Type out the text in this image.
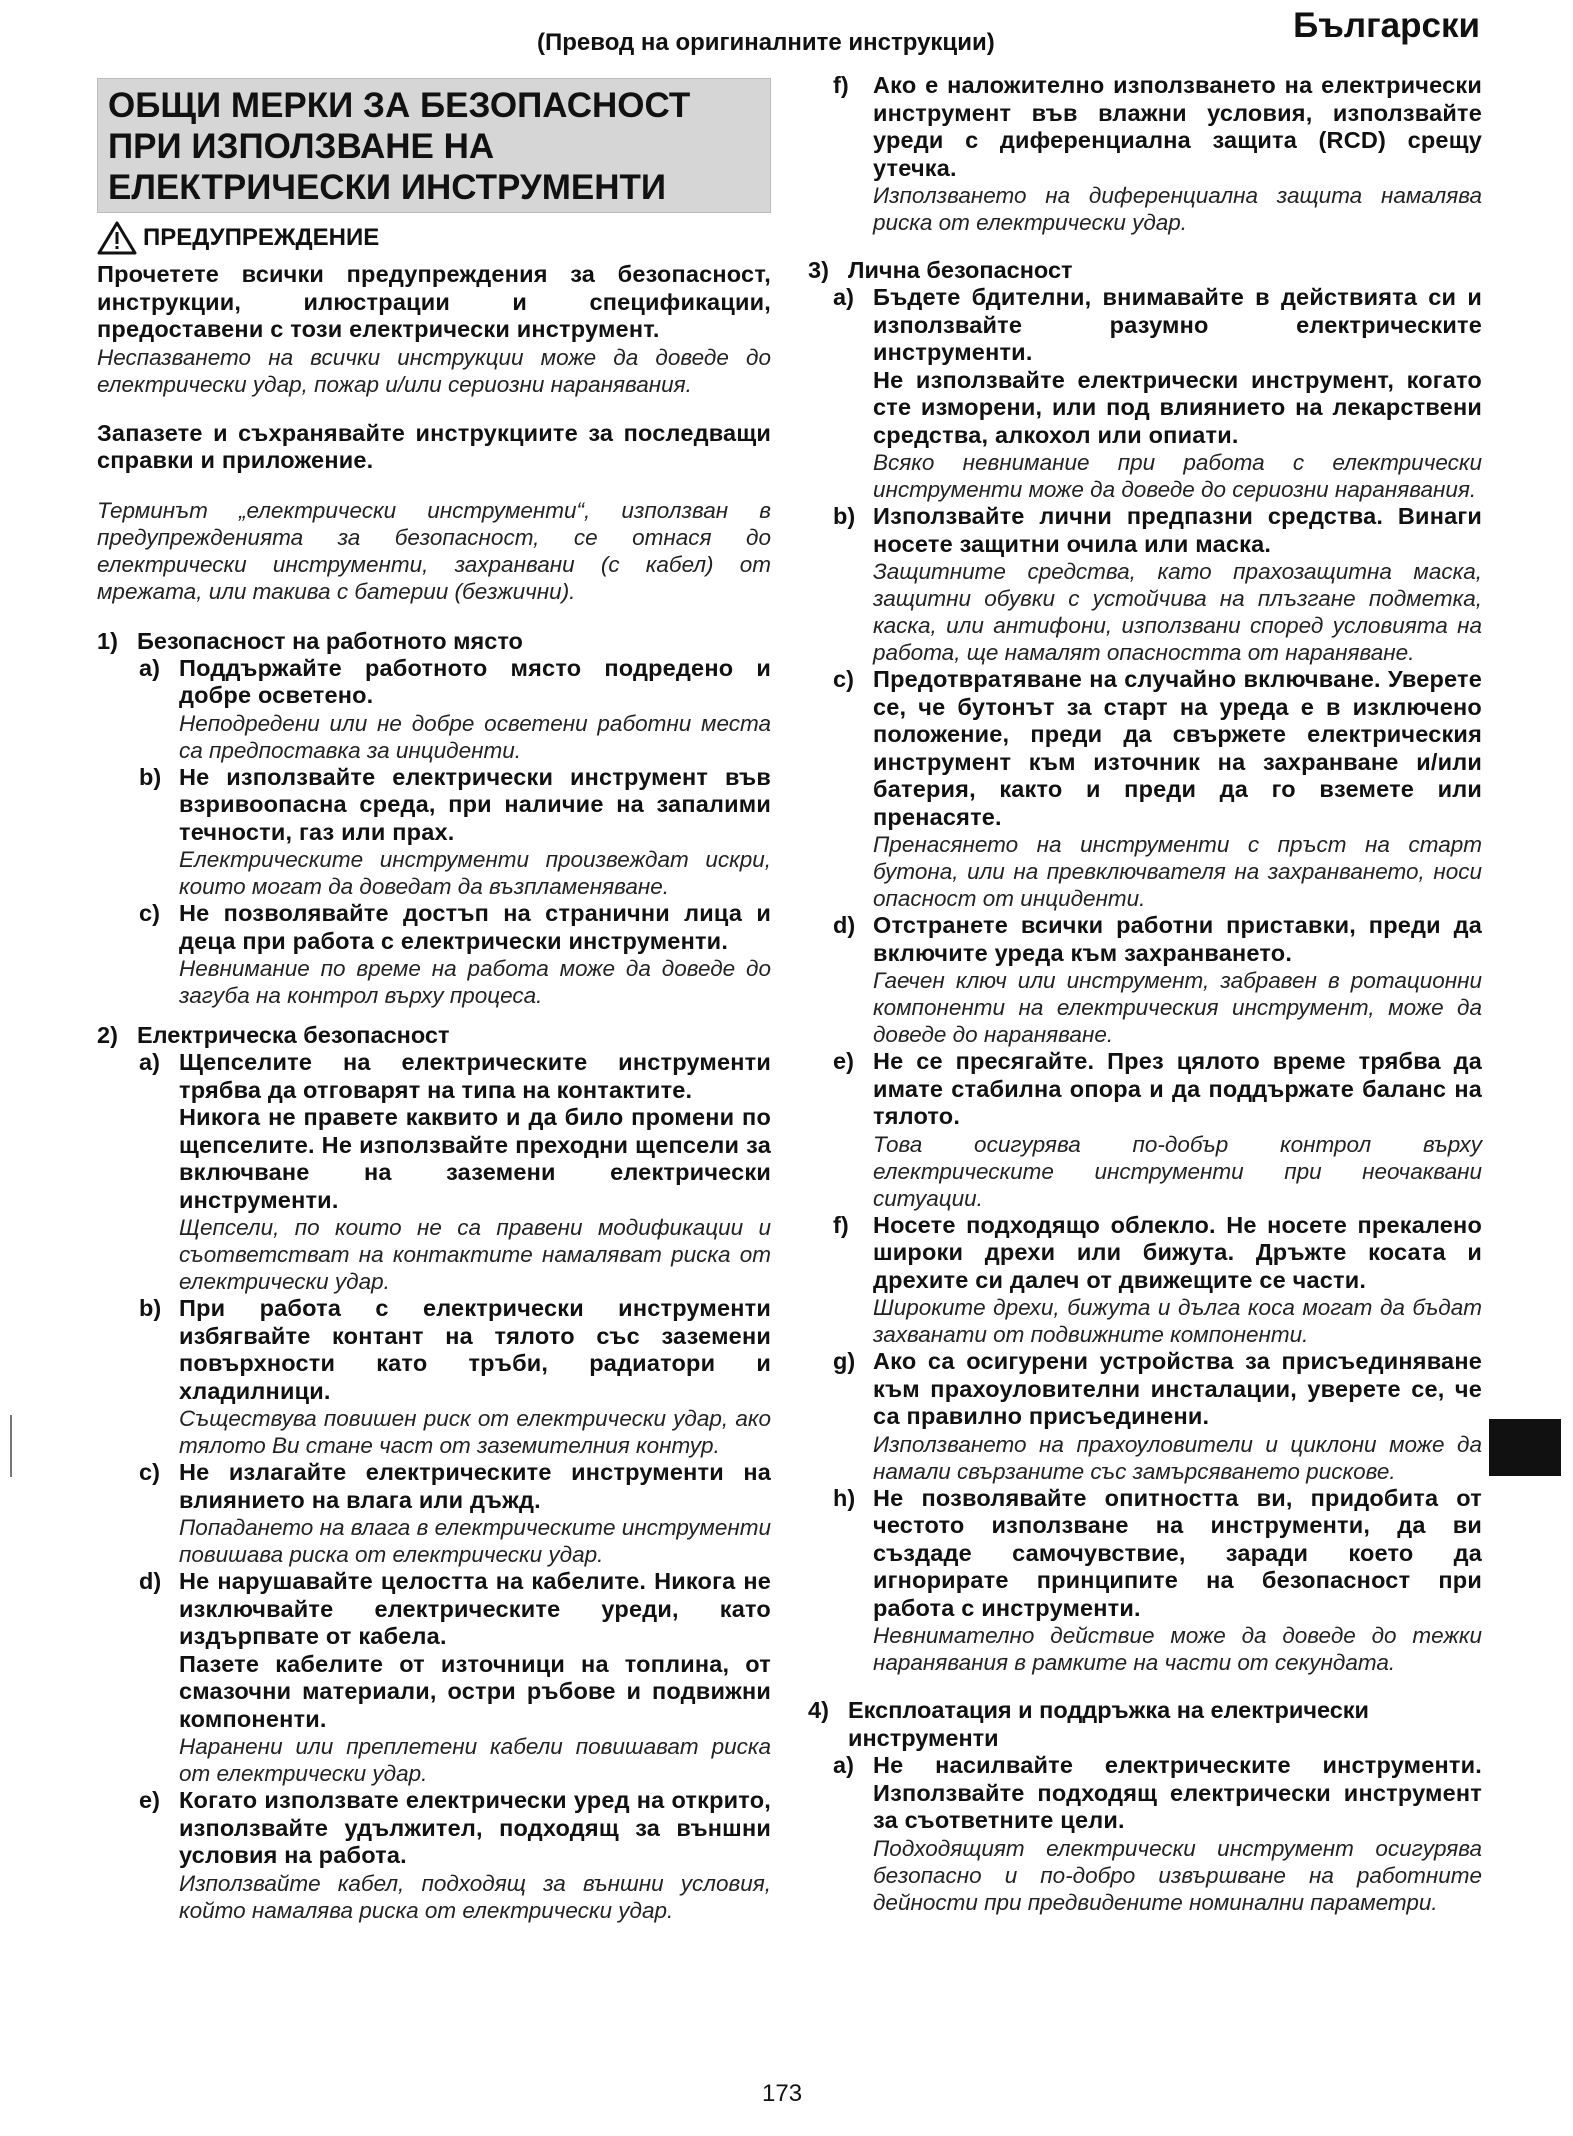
(Превод на оригиналните инструкции)	Български
ОБЩИ МЕРКИ ЗА БЕЗОПАСНОСТ
ПРИ ИЗПОЛЗВАНЕ НА
ЕЛЕКТРИЧЕСКИ ИНСТРУМЕНТИ
ПРЕДУПРЕЖДЕНИЕ
Прочетете всички предупреждения за безопасност, инструкции, илюстрации и спецификации, предоставени с този електрически инструмент.
Неспазването на всички инструкции може да доведе до електрически удар, пожар и/или сериозни наранявания.
Запазете и съхранявайте инструкциите за последващи справки и приложение.
Терминът „електрически инструменти“, използван в предупрежденията за безопасност, се отнася до електрически инструменти, захранвани (с кабел) от мрежата, или такива с батерии (безжични).
1) Безопасност на работното място
a) Поддържайте работното място подредено и добре осветено.
Неподредени или не добре осветени работни места са предпоставка за инциденти.
b) Не използвайте електрически инструмент във взривоопасна среда, при наличие на запалими течности, газ или прах.
Електрическите инструменти произвеждат искри, които могат да доведат да възпламеняване.
c) Не позволявайте достъп на странични лица и деца при работа с електрически инструменти.
Невнимание по време на работа може да доведе до загуба на контрол върху процеса.
2) Електрическа безопасност
a) Щепселите на електрическите инструменти трябва да отговарят на типа на контактите.
Никога не правете каквито и да било промени по щепселите. Не използвайте преходни щепсели за включване на заземени електрически инструменти.
Щепсели, по които не са правени модификации и съответстват на контактите намаляват риска от електрически удар.
b) При работа с електрически инструменти избягвайте контант на тялото със заземени повърхности като тръби, радиатори и хладилници.
Съществува повишен риск от електрически удар, ако тялото Ви стане част от заземителния контур.
c) Не излагайте електрическите инструменти на влиянието на влага или дъжд.
Попадането на влага в електрическите инструменти повишава риска от електрически удар.
d) Не нарушавайте целостта на кабелите. Никога не изключвайте електрическите уреди, като издърпвате от кабела.
Пазете кабелите от източници на топлина, от смазочни материали, остри ръбове и подвижни компоненти.
Наранени или преплетени кабели повишават риска от електрически удар.
e) Когато използвате електрически уред на открито, използвайте удължител, подходящ за външни условия на работа.
Използвайте кабел, подходящ за външни условия, който намалява риска от електрически удар.
f)	Ако е наложително използването на електрически инструмент във влажни условия, използвайте уреди с диференциална защита (RCD) срещу утечка.
Използването на диференциална защита намалява риска от електрически удар.
3) Лична безопасност
a) Бъдете бдителни, внимавайте в действията си и използвайте разумно електрическите инструменти.
Не използвайте електрически инструмент, когато сте изморени, или под влиянието на лекарствени средства, алкохол или опиати.
Всяко невнимание при работа с електрически инструменти може да доведе до сериозни наранявания.
b) Използвайте лични предпазни средства. Винаги носете защитни очила или маска.
Защитните средства, като прахозащитна маска, защитни обувки с устойчива на плъзгане подметка, каска, или антифони, използвани според условията на работа, ще намалят опасността от нараняване.
c) Предотвратяване на случайно включване. Уверете се, че бутонът за старт на уреда е в изключено положение, преди да свържете електрическия инструмент към източник на захранване и/или батерия, както и преди да го вземете или пренасяте.
Пренасянето на инструменти с пръст на старт бутона, или на превключвателя на захранването, носи опасност от инциденти.
d) Отстранете всички работни приставки, преди да включите уреда към захранването.
Гаечен ключ или инструмент, забравен в ротационни компоненти на електрическия инструмент, може да доведе до нараняване.
e) Не се пресягайте. През цялото време трябва да имате стабилна опора и да поддържате баланс на тялото.
Това осигурява по-добър контрол върху електрическите инструменти при неочаквани ситуации.
f)	Носете подходящо облекло. Не носете прекалено широки дрехи или бижута. Дръжте косата и дрехите си далеч от движещите се части.
Широките дрехи, бижута и дълга коса могат да бъдат захванати от подвижните компоненти.
g) Ако са осигурени устройства за присъединяване към прахоуловителни инсталации, уверете се, че са правилно присъединени.
Използването на прахоуловители и циклони може да намали свързаните със замърсяването рискове.
h) Не позволявайте опитността ви, придобита от честото използване на инструменти, да ви създаде самочувствие, заради което да игнорирате принципите на безопасност при работа с инструменти.
Невнимателно действие може да доведе до тежки наранявания в рамките на части от секундата.
4) Експлоатация и поддръжка на електрически инструменти
a) Не насилвайте електрическите инструменти. Използвайте подходящ електрически инструмент за съответните цели.
Подходящият електрически инструмент осигурява безопасно и по-добро извършване на работните дейности при предвидените номинални параметри.
173
